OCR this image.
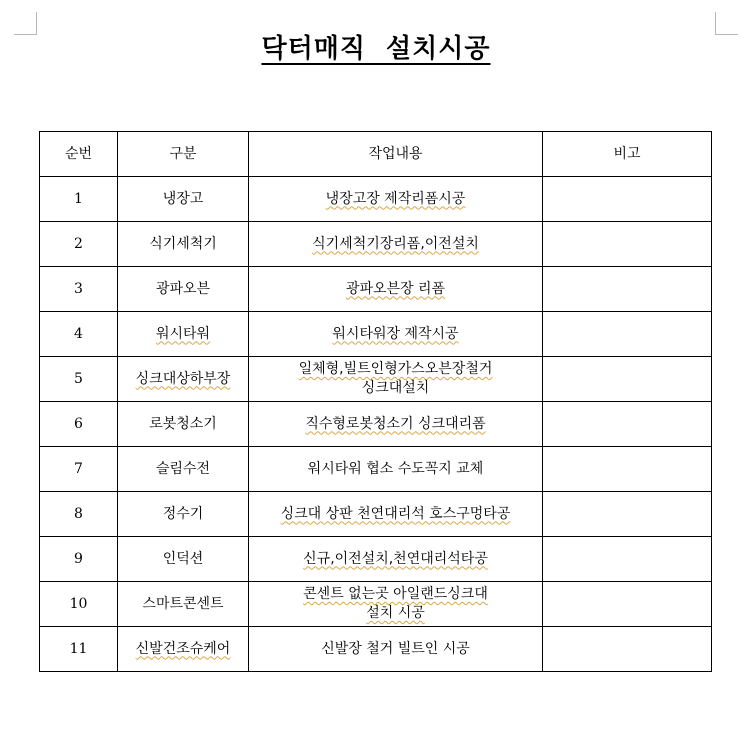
닥터매직  설치시공
순번	구분	작업내용	비고
1	냉장고	냉장고장 제작리폼시공	
2	식기세척기	식기세척기장리폼,이전설치	
3	광파오븐	광파오븐장 리폼	
4	워시타워	워시타워장 제작시공	
5	싱크대상하부장	일체형,빌트인형가스오븐장철거
싱크대설치	
6	로봇청소기	직수형로봇청소기 싱크대리폼	
7	슬림수전	워시타워 협소 수도꼭지 교체	
8	정수기	싱크대 상판 천연대리석 호스구멍타공	
9	인덕션	신규,이전설치,천연대리석타공	
10	스마트콘센트	콘센트 없는곳 아일랜드싱크대
설치 시공	
11	신발건조슈케어	신발장 철거 빌트인 시공	
